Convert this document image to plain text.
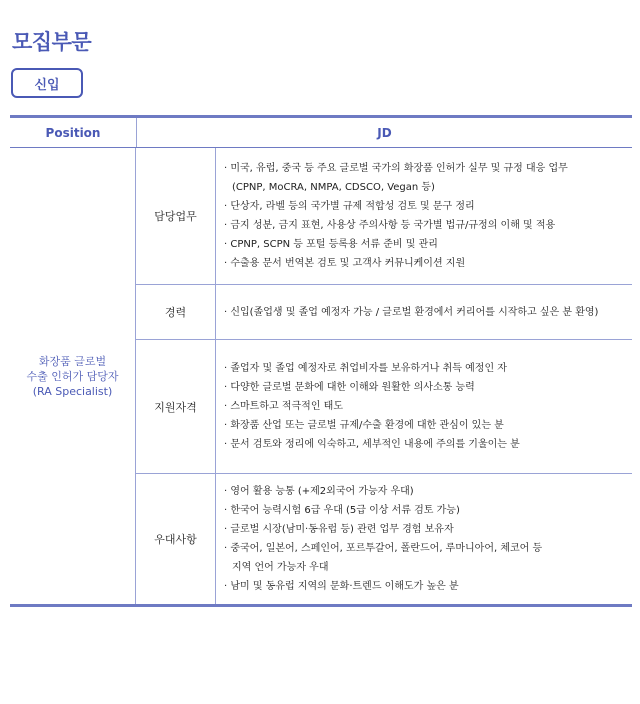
모집부문
신입
Position	JD
화장품 글로벌
수출 인허가 담당자
(RA Specialist)
담당업무
· 미국, 유럽, 중국 등 주요 글로벌 국가의 화장품 인허가 실무 및 규정 대응 업무
(CPNP, MoCRA, NMPA, CDSCO, Vegan 등)
· 단상자, 라벨 등의 국가별 규제 적합성 검토 및 문구 정리
· 금지 성분, 금지 표현, 사용상 주의사항 등 국가별 법규/규정의 이해 및 적용
· CPNP, SCPN 등 포털 등록용 서류 준비 및 관리
· 수출용 문서 번역본 검토 및 고객사 커뮤니케이션 지원
경력	· 신입(졸업생 및 졸업 예정자 가능 / 글로벌 환경에서 커리어를 시작하고 싶은 분 환영)
지원자격
· 졸업자 및 졸업 예정자로 취업비자를 보유하거나 취득 예정인 자
· 다양한 글로벌 문화에 대한 이해와 원활한 의사소통 능력
· 스마트하고 적극적인 태도
· 화장품 산업 또는 글로벌 규제/수출 환경에 대한 관심이 있는 분
· 문서 검토와 정리에 익숙하고, 세부적인 내용에 주의를 기울이는 분
우대사항
· 영어 활용 능통 (+제2외국어 가능자 우대)
· 한국어 능력시험 6급 우대 (5급 이상 서류 검토 가능)
· 글로벌 시장(남미·동유럽 등) 관련 업무 경험 보유자
· 중국어, 일본어, 스페인어, 포르투갈어, 폴란드어, 루마니아어, 체코어 등
지역 언어 가능자 우대
· 남미 및 동유럽 지역의 문화·트렌드 이해도가 높은 분
